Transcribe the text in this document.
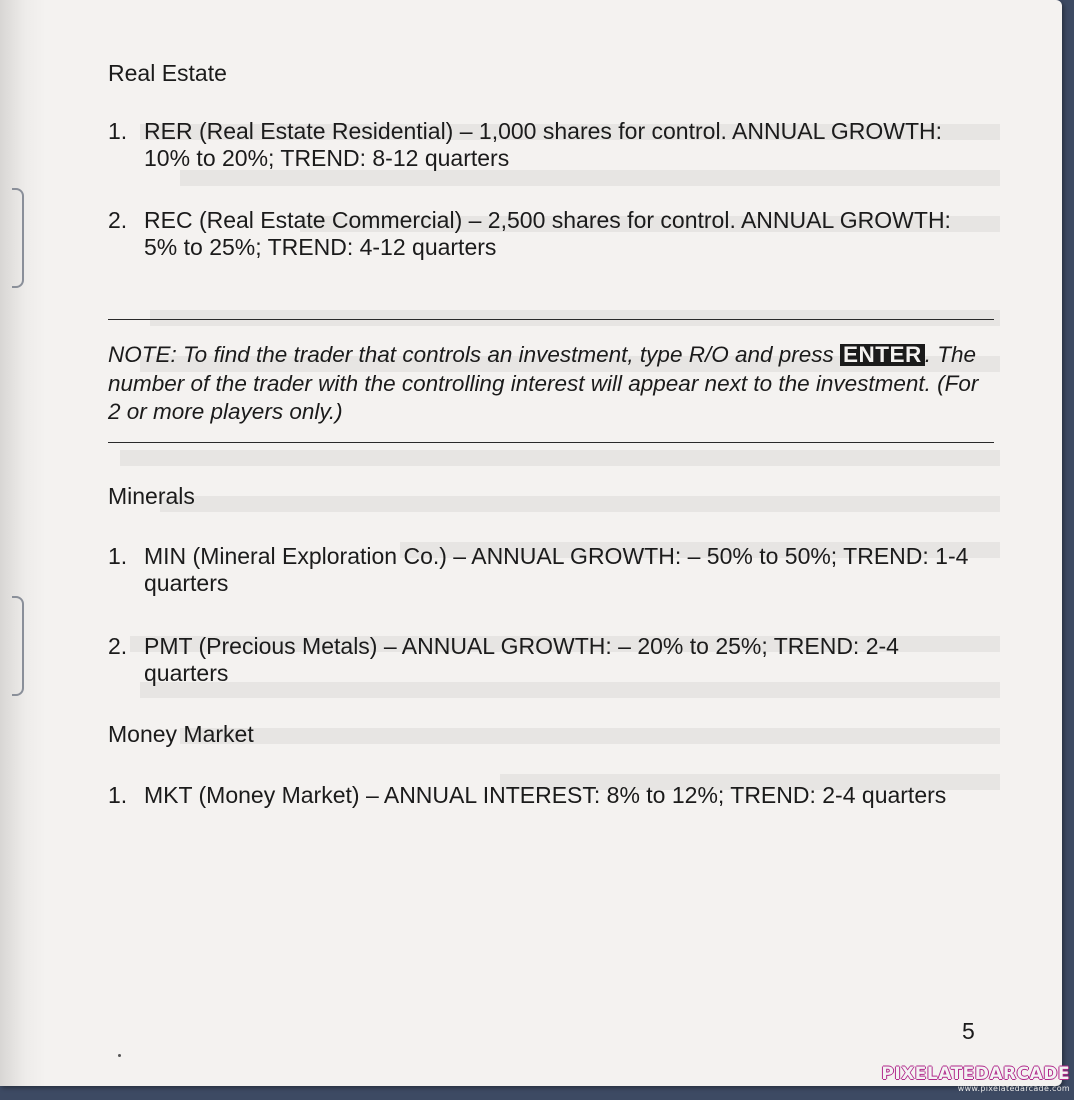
Real Estate
1. RER (Real Estate Residential) – 1,000 shares for control. ANNUAL GROWTH: 10% to 20%; TREND: 8-12 quarters
2. REC (Real Estate Commercial) – 2,500 shares for control. ANNUAL GROWTH: 5% to 25%; TREND: 4-12 quarters
NOTE: To find the trader that controls an investment, type R/O and press ENTER . The number of the trader with the controlling interest will appear next to the investment. (For 2 or more players only.)
Minerals
1. MIN (Mineral Exploration Co.) – ANNUAL GROWTH: – 50% to 50%; TREND: 1-4 quarters
2. PMT (Precious Metals) – ANNUAL GROWTH: – 20% to 25%; TREND: 2-4 quarters
Money Market
1. MKT (Money Market) – ANNUAL INTEREST: 8% to 12%; TREND: 2-4 quarters
5
PIXELATEDARCADE
www.pixelatedarcade.com
